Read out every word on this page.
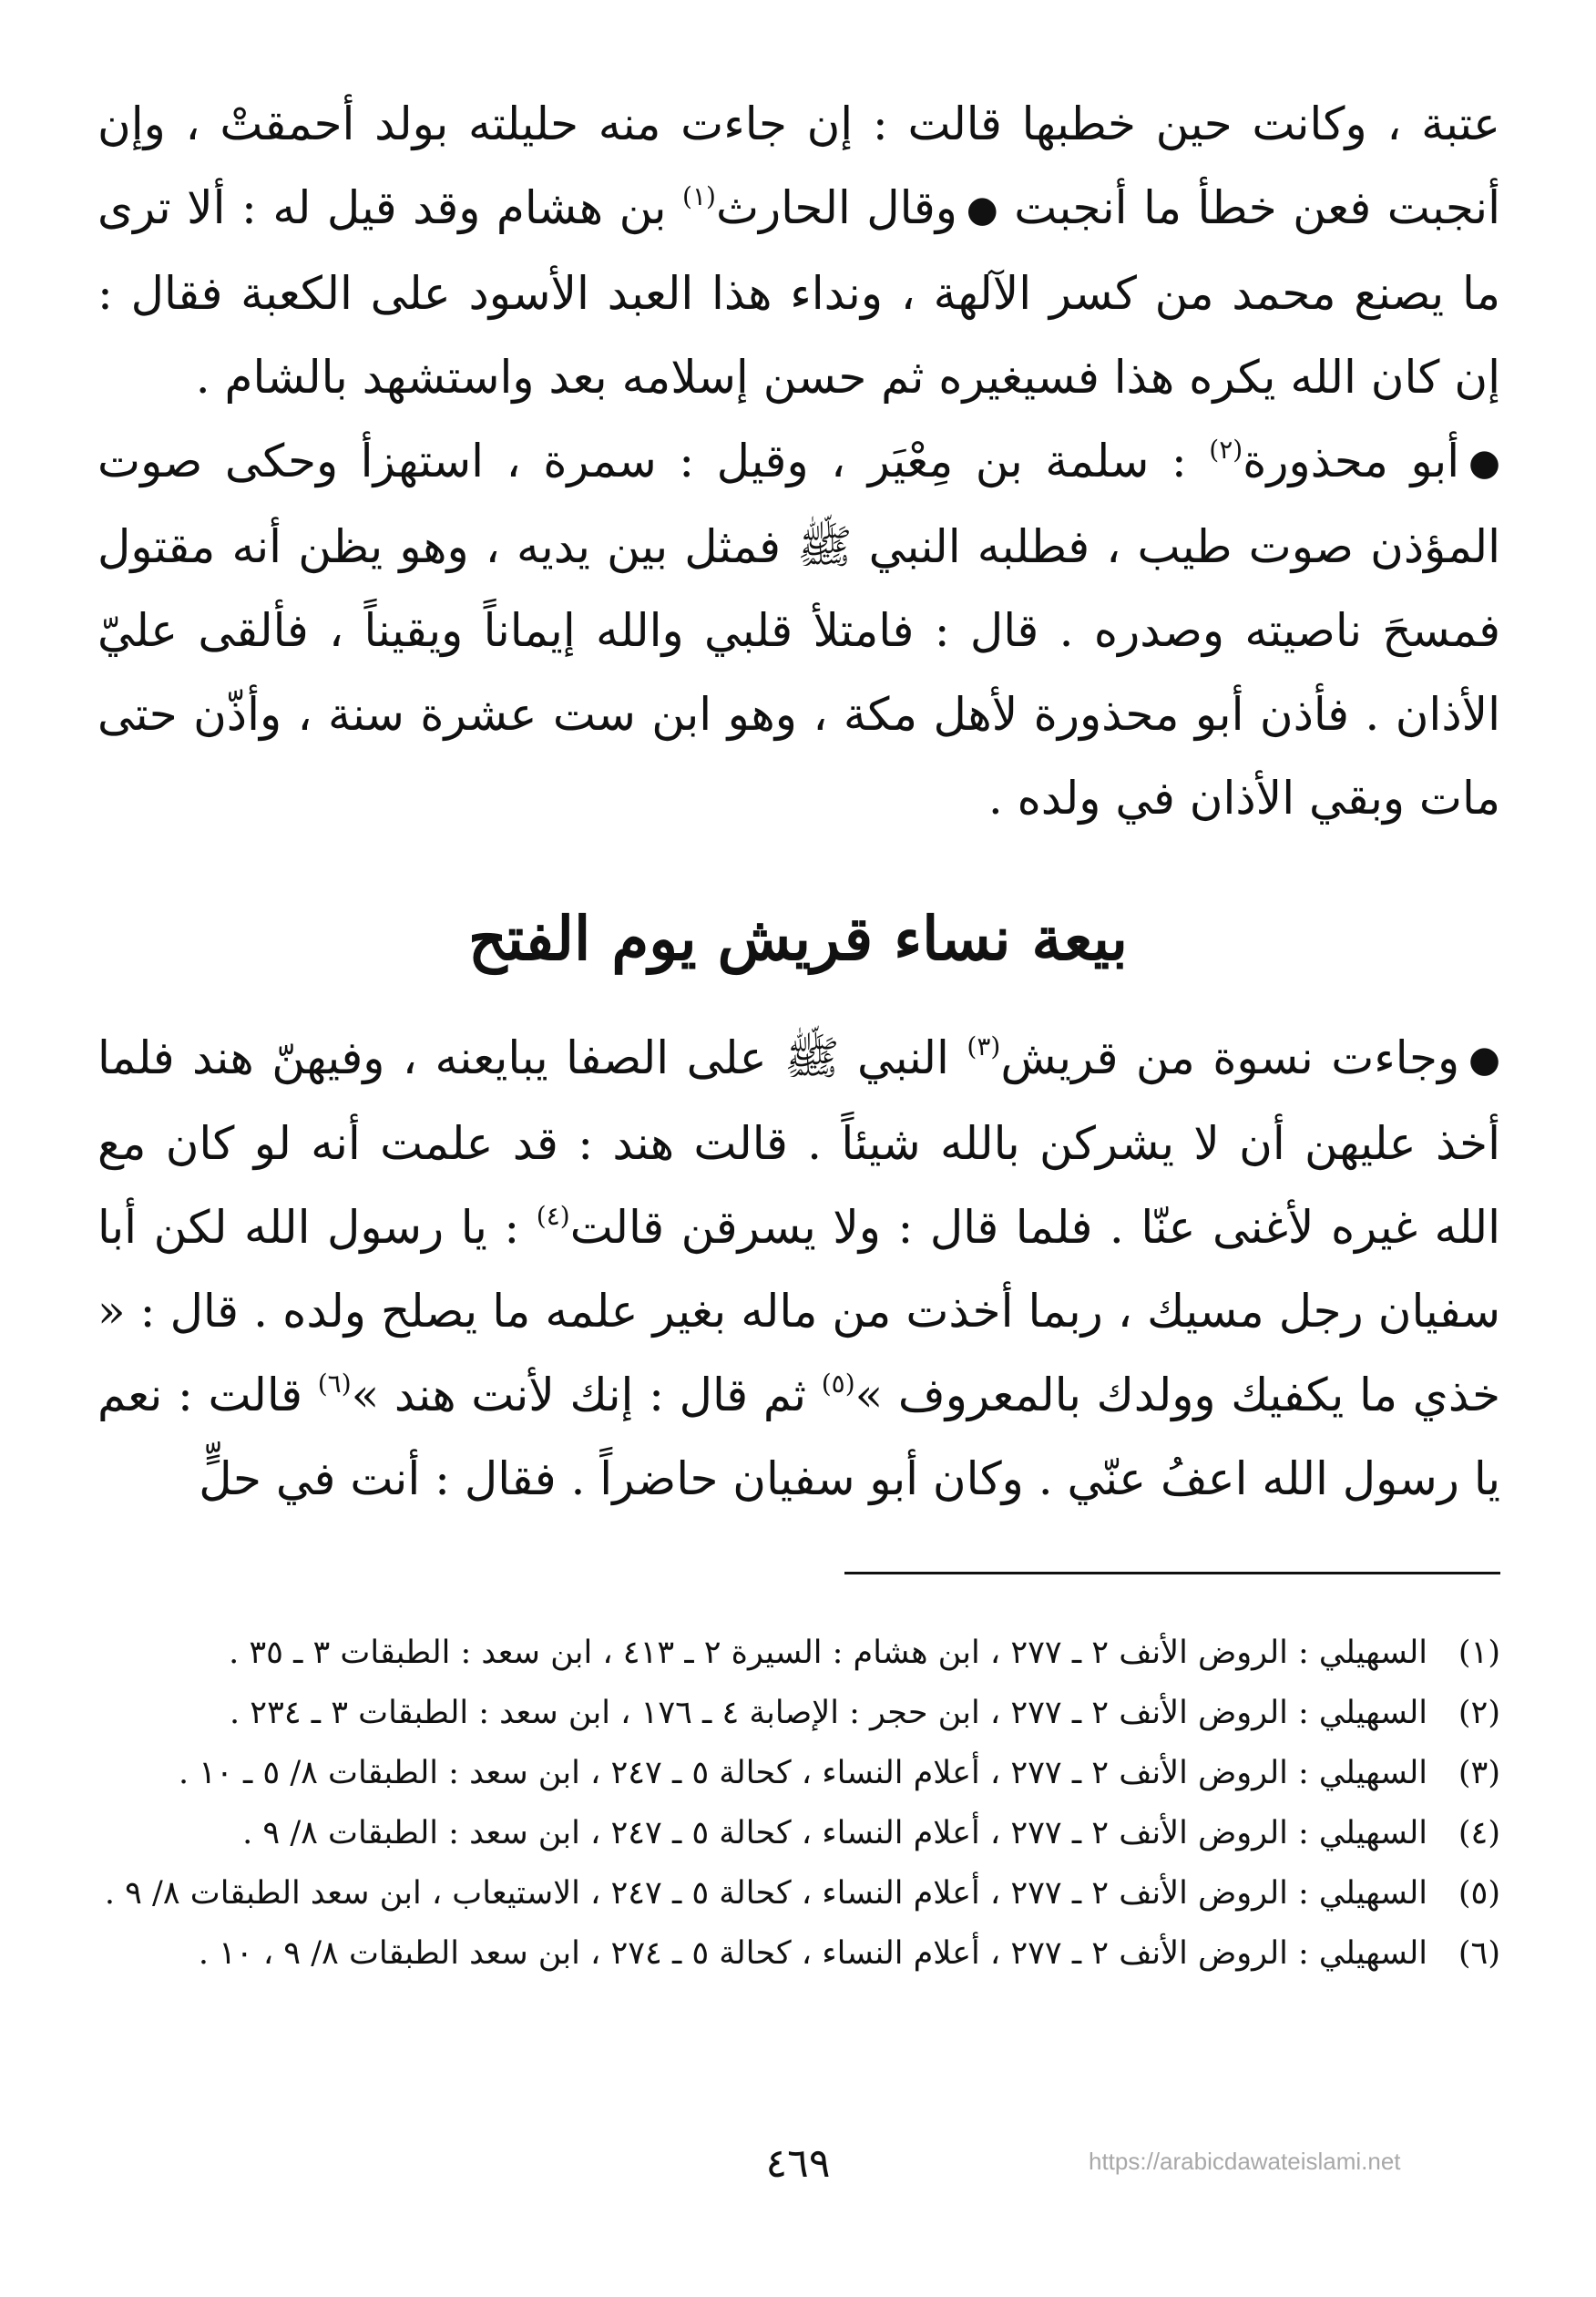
عتبة ، وكانت حين خطبها قالت : إن جاءت منه حليلته بولد أحمقتْ ، وإن أنجبت فعن خطأ ما أنجبت ●وقال الحارث$^{(١)}$ بن هشام وقد قيل له : ألا ترى ما يصنع محمد من كسر الآلهة ، ونداء هذا العبد الأسود على الكعبة فقال : إن كان الله يكره هذا فسيغيره ثم حسن إسلامه بعد واستشهد بالشام .

●أبو محذورة$^{(٢)}$ : سلمة بن مِعْيَر ، وقيل : سمرة ، استهزأ وحكى صوت المؤذن صوت طيب ، فطلبه النبي ﷺ فمثل بين يديه ، وهو يظن أنه مقتول فمسحَ ناصيته وصدره . قال : فامتلأ قلبي والله إيماناً ويقيناً ، فألقى عليّ الأذان . فأذن أبو محذورة لأهل مكة ، وهو ابن ست عشرة سنة ، وأذّن حتى مات وبقي الأذان في ولده .

بيعة نساء قريش يوم الفتح
●وجاءت نسوة من قريش$^{(٣)}$ النبي ﷺ على الصفا يبايعنه ، وفيهنّ هند فلما أخذ عليهن أن لا يشركن بالله شيئاً . قالت هند : قد علمت أنه لو كان مع الله غيره لأغنى عنّا . فلما قال : ولا يسرقن قالت$^{(٤)}$ : يا رسول الله لكن أبا سفيان رجل مسيك ، ربما أخذت من ماله بغير علمه ما يصلح ولده . قال : « خذي ما يكفيك وولدك بالمعروف »$^{(٥)}$ ثم قال : إنك لأنت هند »$^{(٦)}$ قالت : نعم يا رسول الله اعفُ عنّي . وكان أبو سفيان حاضراً . فقال : أنت في حلٍّ
(١)
السهيلي : الروض الأنف ٢ ـ ٢٧٧ ، ابن هشام : السيرة ٢ ـ ٤١٣ ، ابن سعد : الطبقات ٣ ـ ٣٥ .
(٢)
السهيلي : الروض الأنف ٢ ـ ٢٧٧ ، ابن حجر : الإصابة ٤ ـ ١٧٦ ، ابن سعد : الطبقات ٣ ـ ٢٣٤ .
(٣)
السهيلي : الروض الأنف ٢ ـ ٢٧٧ ، أعلام النساء ، كحالة ٥ ـ ٢٤٧ ، ابن سعد : الطبقات ٨/ ٥ ـ ١٠ .
(٤)
السهيلي : الروض الأنف ٢ ـ ٢٧٧ ، أعلام النساء ، كحالة ٥ ـ ٢٤٧ ، ابن سعد : الطبقات ٨/ ٩ .
(٥)
السهيلي : الروض الأنف ٢ ـ ٢٧٧ ، أعلام النساء ، كحالة ٥ ـ ٢٤٧ ، الاستيعاب ، ابن سعد الطبقات ٨/ ٩ .
(٦)
السهيلي : الروض الأنف ٢ ـ ٢٧٧ ، أعلام النساء ، كحالة ٥ ـ ٢٧٤ ، ابن سعد الطبقات ٨/ ٩ ، ١٠ .
٤٦٩	https://arabicdawateislami.net
